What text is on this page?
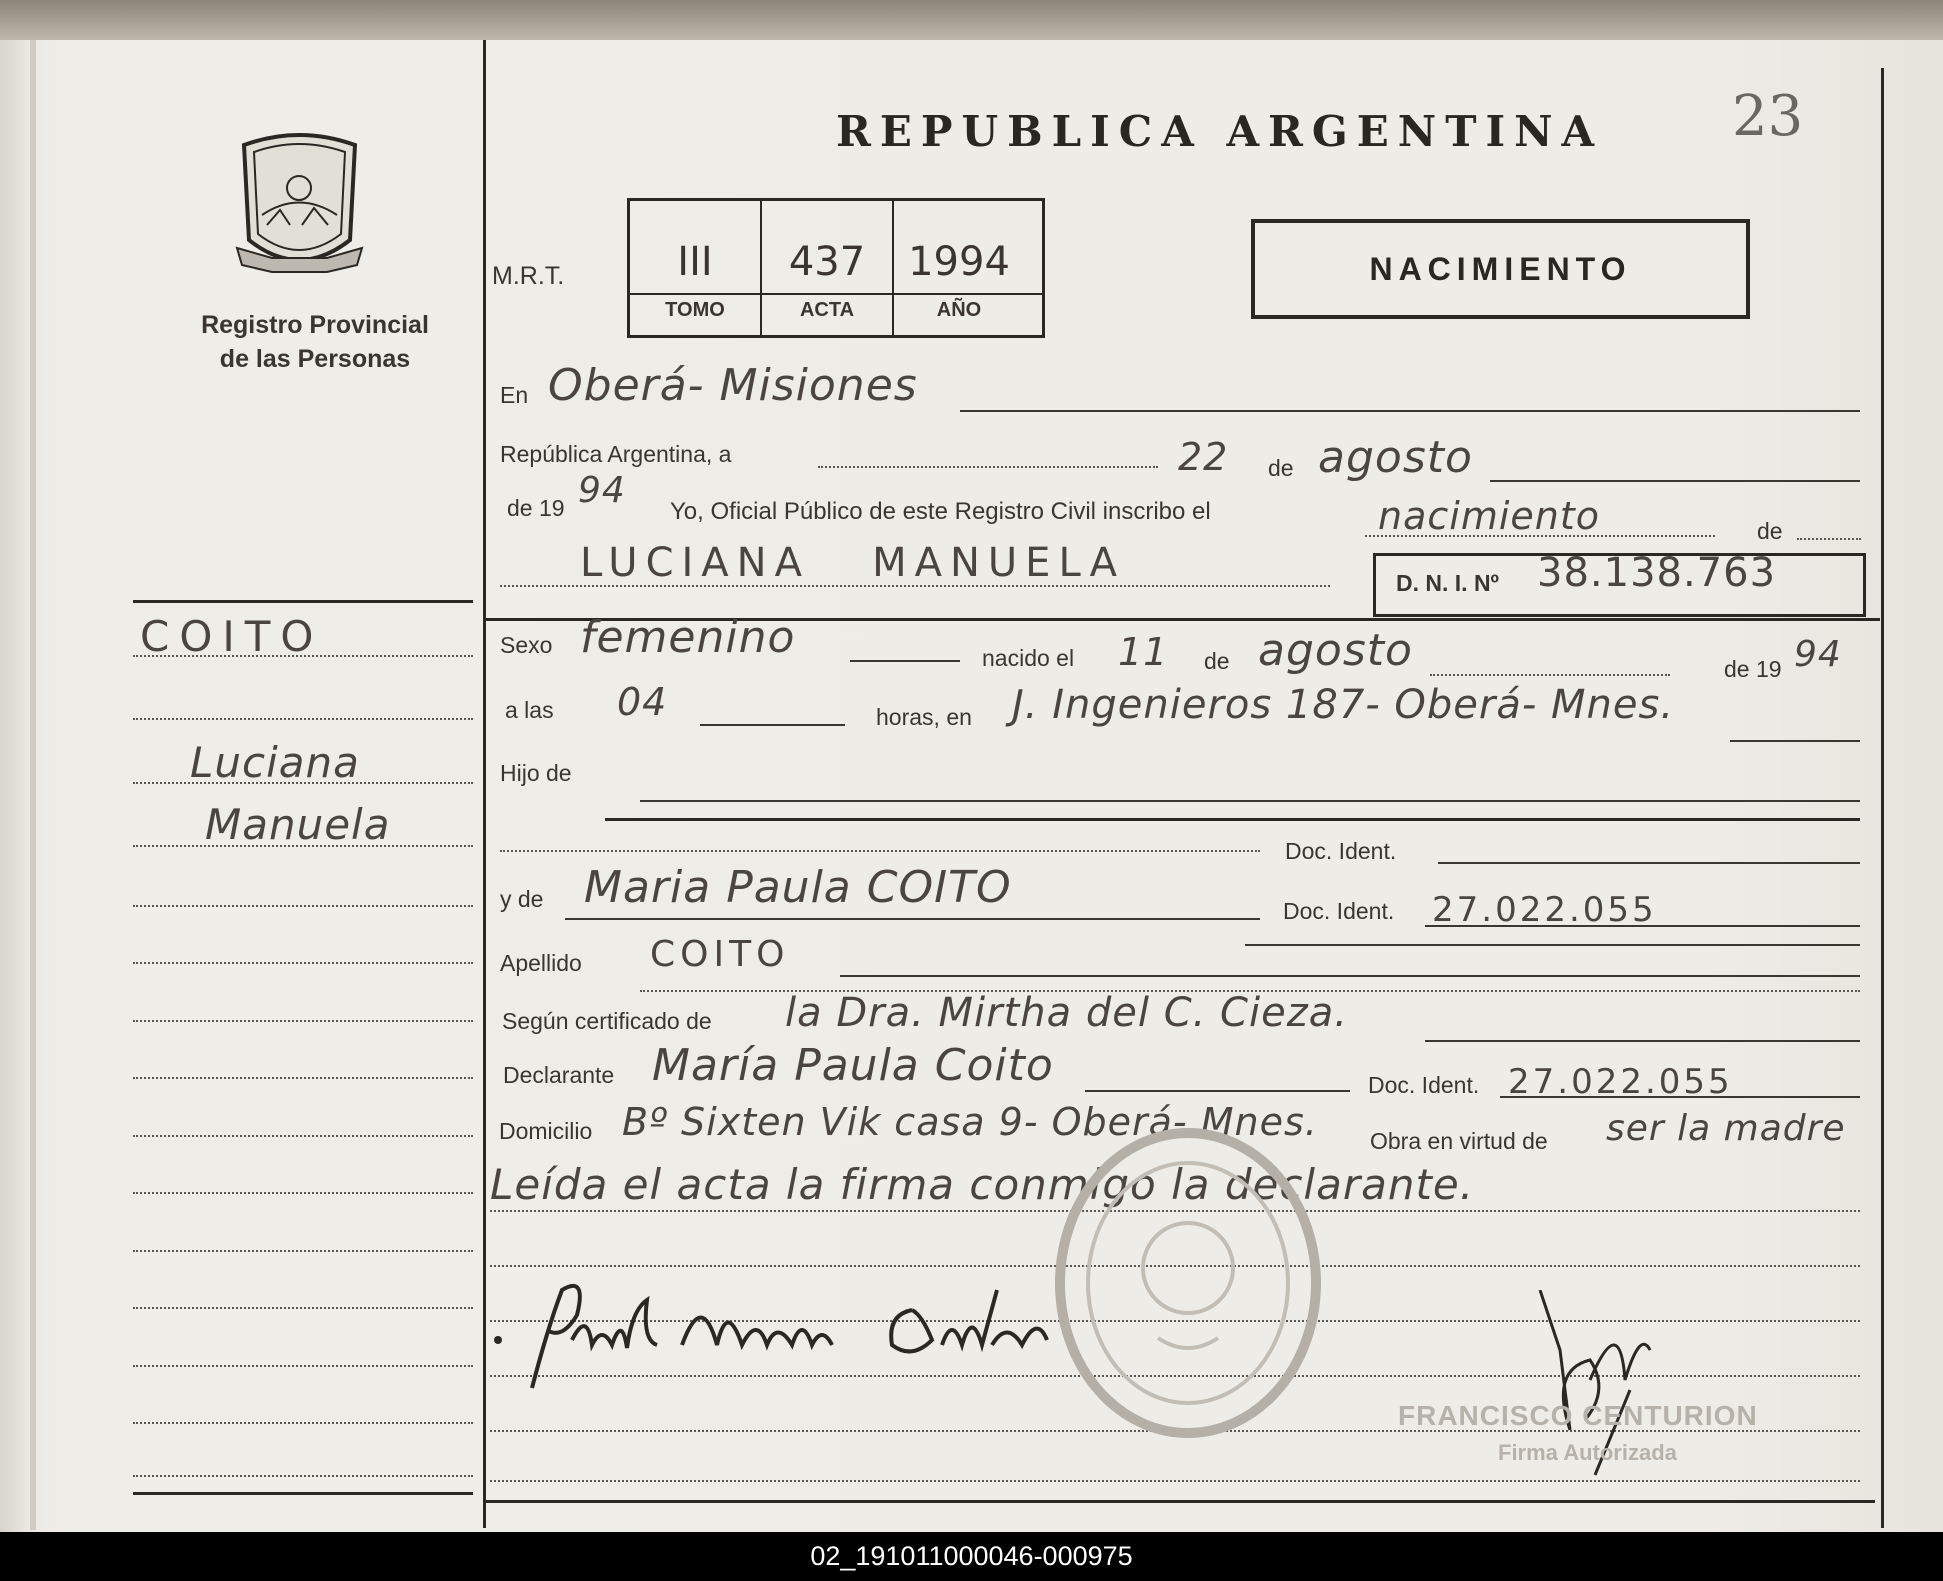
Registro Provincial
de las Personas
REPUBLICA ARGENTINA 23
M.R.T.	III	437	1994
TOMO	ACTA	AÑO
NACIMIENTO
COITO
Luciana
Manuela
En Oberá- Misiones
República Argentina, a	22 de agosto
de 19 94
Yo, Oficial Público de este Registro Civil inscribo el	nacimiento	de
LUCIANA   MANUELA	D. N. I. Nº 38.138.763
Sexo femenino	nacido el 11 de agosto	de 19 94
a las 04	horas, en J. Ingenieros 187- Oberá- Mnes.
Hijo de
Doc. Ident.
y de Maria Paula COITO	Doc. Ident. 27.022.055
Apellido COITO
Según certificado de la Dra. Mirtha del C. Cieza.
Declarante María Paula Coito	Doc. Ident. 27.022.055
Domicilio Bº Sixten Vik casa 9- Oberá- Mnes. Obra en virtud de ser la madre
Leída el acta la firma conmigo la declarante.
FRANCISCO CENTURION
Firma Autorizada
02_191011000046-000975
